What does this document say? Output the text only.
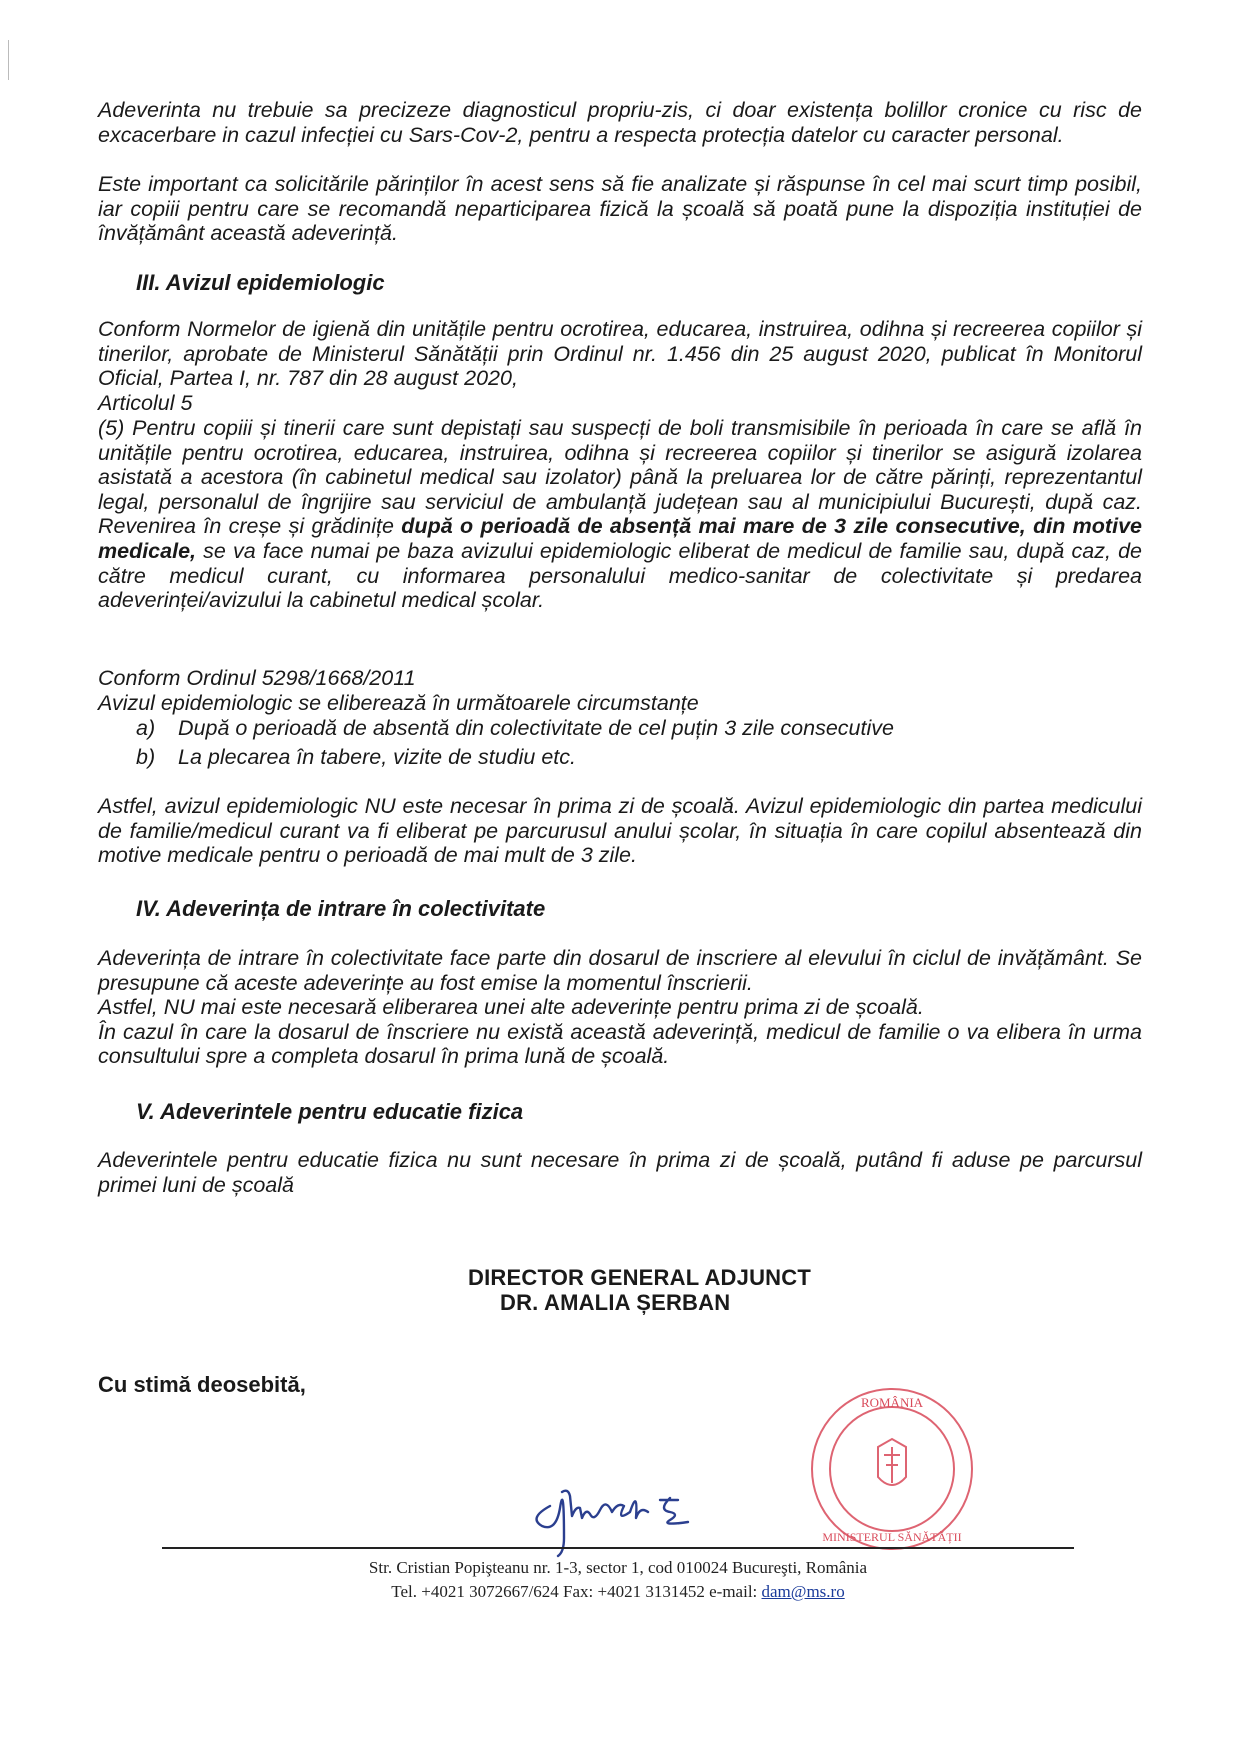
Adeverinta nu trebuie sa precizeze diagnosticul propriu-zis, ci doar existența bolillor cronice cu risc de excacerbare in cazul infecției cu Sars-Cov-2, pentru a respecta protecția datelor cu caracter personal.

Este important ca solicitările părinților în acest sens să fie analizate și răspunse în cel mai scurt timp posibil, iar copiii pentru care se recomandă neparticiparea fizică la școală să poată pune la dispoziția instituției de învățământ această adeverință.

III. Avizul epidemiologic

Conform Normelor de igienă din unitățile pentru ocrotirea, educarea, instruirea, odihna și recreerea copiilor și tinerilor, aprobate de Ministerul Sănătății prin Ordinul nr. 1.456 din 25 august 2020, publicat în Monitorul Oficial, Partea I, nr. 787 din 28 august 2020,

Articolul 5

(5) Pentru copiii și tinerii care sunt depistați sau suspecți de boli transmisibile în perioada în care se află în unitățile pentru ocrotirea, educarea, instruirea, odihna și recreerea copiilor și tinerilor se asigură izolarea asistată a acestora (în cabinetul medical sau izolator) până la preluarea lor de către părinți, reprezentantul legal, personalul de îngrijire sau serviciul de ambulanță județean sau al municipiului București, după caz. Revenirea în creșe și grădinițe după o perioadă de absență mai mare de 3 zile consecutive, din motive medicale, se va face numai pe baza avizului epidemiologic eliberat de medicul de familie sau, după caz, de către medicul curant, cu informarea personalului medico-sanitar de colectivitate și predarea adeverinței/avizului la cabinetul medical școlar.

Conform Ordinul 5298/1668/2011

Avizul epidemiologic se eliberează în următoarele circumstanțe

a)	După o perioadă de absentă din colectivitate de cel puțin 3 zile consecutive
b)	La plecarea în tabere, vizite de studiu etc.

Astfel, avizul epidemiologic NU este necesar în prima zi de școală. Avizul epidemiologic din partea medicului de familie/medicul curant va fi eliberat pe parcurusul anului școlar, în situația în care copilul absentează din motive medicale pentru o perioadă de mai mult de 3 zile.

IV. Adeverința de intrare în colectivitate

Adeverința de intrare în colectivitate face parte din dosarul de inscriere al elevului în ciclul de invățământ. Se presupune că aceste adeverințe au fost emise la momentul înscrierii.

Astfel, NU mai este necesară eliberarea unei alte adeverințe pentru prima zi de școală.

În cazul în care la dosarul de înscriere nu există această adeverință, medicul de familie o va elibera în urma consultului spre a completa dosarul în prima lună de școală.

V. Adeverintele pentru educatie fizica

Adeverintele pentru educatie fizica nu sunt necesare în prima zi de școală, putând fi aduse pe parcursul primei luni de școală

Cu stimă deosebită,
DIRECTOR GENERAL ADJUNCT
DR. AMALIA ȘERBAN
ROMÂNIA
MINISTERUL SĂNĂTĂȚII
Str. Cristian Popişteanu nr. 1-3, sector 1, cod 010024 Bucureşti, România
Tel. +4021 3072667/624 Fax: +4021 3131452 e-mail: dam@ms.ro
